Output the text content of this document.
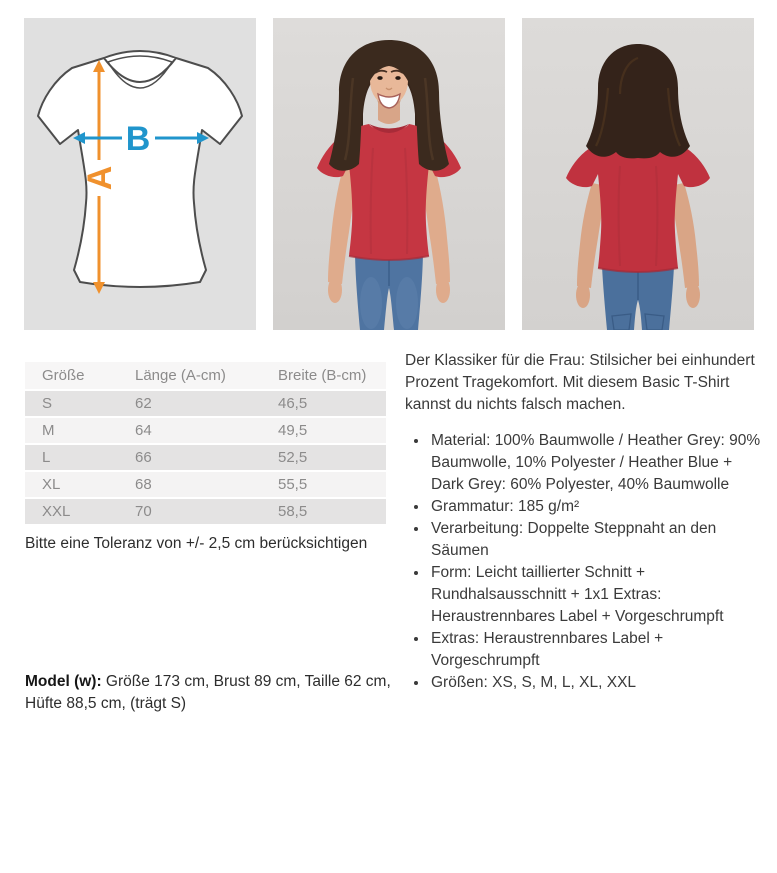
A
B
Größe	Länge (A-cm)	Breite (B-cm)
S	62	46,5
M	64	49,5
L	66	52,5
XL	68	55,5
XXL	70	58,5
Bitte eine Toleranz von +/- 2,5 cm berücksichtigen
Model (w): Größe 173 cm, Brust 89 cm, Taille 62 cm, Hüfte 88,5 cm, (trägt S)

Der Klassiker für die Frau: Stilsicher bei einhundert Prozent Tragekomfort. Mit diesem Basic T-Shirt kannst du nichts falsch machen.

Material: 100% Baumwolle / Heather Grey: 90% Baumwolle, 10% Polyester / Heather Blue + Dark Grey: 60% Polyester, 40% Baumwolle
Grammatur: 185 g/m²
Verarbeitung: Doppelte Steppnaht an den Säumen
Form: Leicht taillierter Schnitt + Rundhalsausschnitt + 1x1 Extras: Heraustrennbares Label + Vorgeschrumpft
Extras: Heraustrennbares Label + Vorgeschrumpft
Größen: XS, S, M, L, XL, XXL
